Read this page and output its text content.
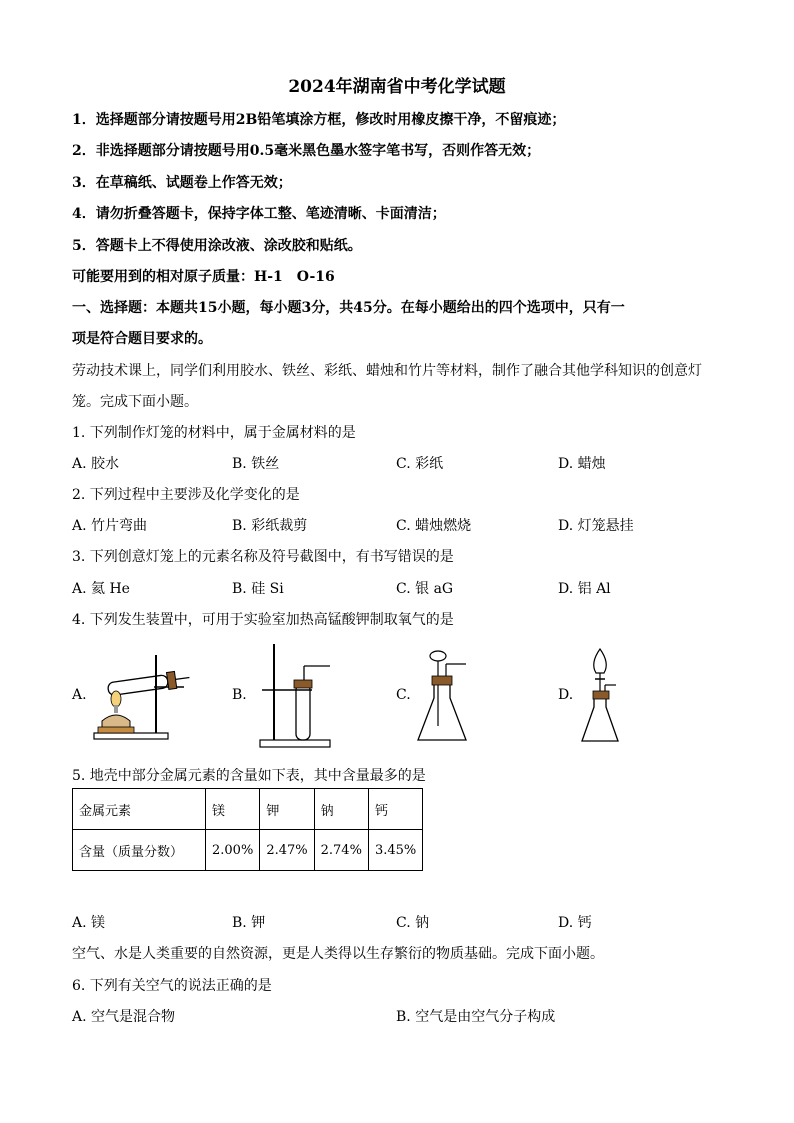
2024年湖南省中考化学试题
1．选择题部分请按题号用2B铅笔填涂方框，修改时用橡皮擦干净，不留痕迹；
2．非选择题部分请按题号用0.5毫米黑色墨水签字笔书写，否则作答无效；
3．在草稿纸、试题卷上作答无效；
4．请勿折叠答题卡，保持字体工整、笔迹清晰、卡面清洁；
5．答题卡上不得使用涂改液、涂改胶和贴纸。
可能要用到的相对原子质量：H-1　O-16
一、选择题：本题共15小题，每小题3分，共45分。在每小题给出的四个选项中，只有一
项是符合题目要求的。
劳动技术课上，同学们利用胶水、铁丝、彩纸、蜡烛和竹片等材料，制作了融合其他学科知识的创意灯
笼。完成下面小题。
1. 下列制作灯笼的材料中，属于金属材料的是
A. 胶水	B. 铁丝	C. 彩纸	D. 蜡烛
2. 下列过程中主要涉及化学变化的是
A. 竹片弯曲	B. 彩纸裁剪	C. 蜡烛燃烧	D. 灯笼悬挂
3. 下列创意灯笼上的元素名称及符号截图中，有书写错误的是
A. 氦 He	B. 硅 Si	C. 银 aG	D. 铝 Al
4. 下列发生装置中，可用于实验室加热高锰酸钾制取氧气的是
A.	B.	C.	D.
5. 地壳中部分金属元素的含量如下表，其中含量最多的是
金属元素	镁	钾	钠	钙
含量（质量分数）	2.00%	2.47%	2.74%	3.45%
A. 镁	B. 钾	C. 钠	D. 钙
空气、水是人类重要的自然资源，更是人类得以生存繁衍的物质基础。完成下面小题。
6. 下列有关空气的说法正确的是
A. 空气是混合物	B. 空气是由空气分子构成
